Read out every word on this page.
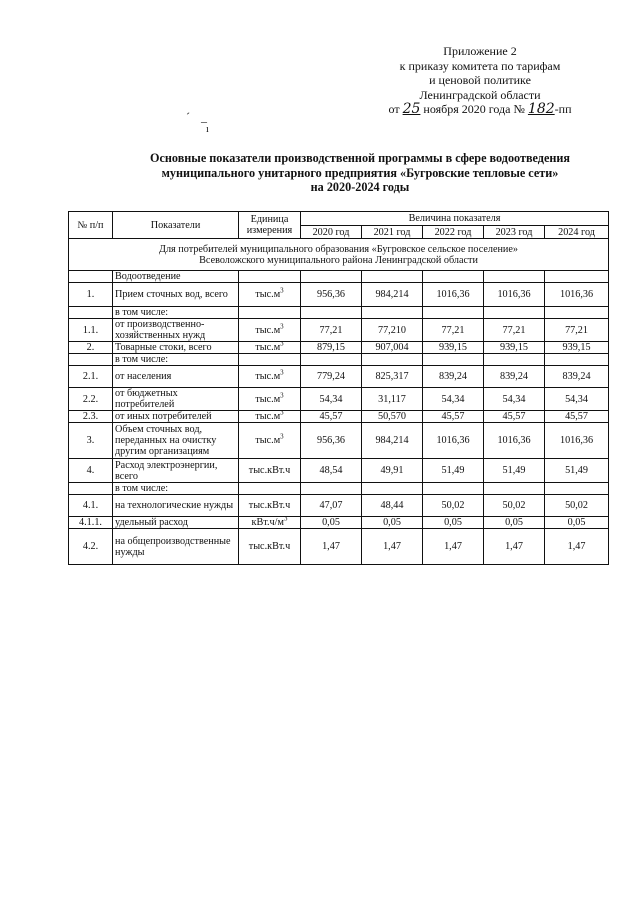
Приложение 2
к приказу комитета по тарифам
и ценовой политике
Ленинградской области
от 25 ноября 2020 года № 182-пп
ˊ –
ı
Основные показатели производственной программы в сфере водоотведения
муниципального унитарного предприятия «Бугровские тепловые сети»
на 2020-2024 годы
№ п/п	Показатели	Единица
измерения	Величина показателя				
			2020 год	2021 год	2022 год	2023 год	2024 год

Для потребителей муниципального образования «Бугровское сельское поселение»
Всеволожского муниципального района Ленинградской области							

	Водоотведение						
1.	Прием сточных вод, всего	$тыс.м^3$	956,36	984,214	1016,36	1016,36	1016,36
	в том числе:						
1.1.	от производственно-хозяйственных нужд	$тыс.м^3$	77,21	77,210	77,21	77,21	77,21
2.	Товарные стоки, всего	$тыс.м^3$	879,15	907,004	939,15	939,15	939,15
	в том числе:						
2.1.	от населения	$тыс.м^3$	779,24	825,317	839,24	839,24	839,24
2.2.	от бюджетных потребителей	$тыс.м^3$	54,34	31,117	54,34	54,34	54,34
2.3.	от иных потребителей	$тыс.м^3$	45,57	50,570	45,57	45,57	45,57
3.	Объем сточных вод, переданных на очистку другим организациям	$тыс.м^3$	956,36	984,214	1016,36	1016,36	1016,36
4.	Расход электроэнергии, всего	тыс.кВт.ч	48,54	49,91	51,49	51,49	51,49
	в том числе:						
4.1.	на технологические нужды	тыс.кВт.ч	47,07	48,44	50,02	50,02	50,02
4.1.1.	удельный расход	$кВт.ч/м^3$	0,05	0,05	0,05	0,05	0,05
4.2.	на общепроизводственные нужды	тыс.кВт.ч	1,47	1,47	1,47	1,47	1,47
